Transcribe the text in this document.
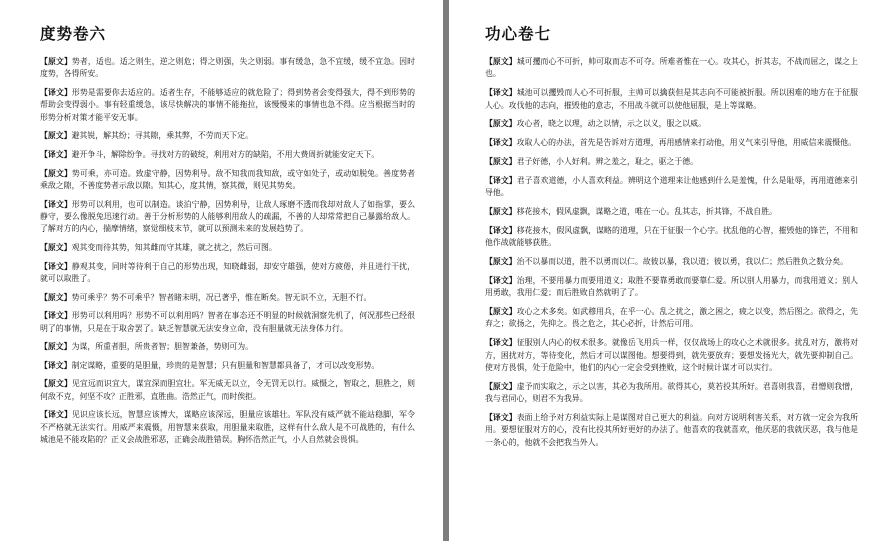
度势卷六

【原文】势者，适也。适之则生，逆之则危；得之则强，失之则弱。事有缓急，急不宜缓，缓不宜急。因时度势，各得所安。

【译文】形势是需要你去适应的。适者生存，不能够适应的就危险了；得到势者会变得强大，得不到形势的帮助会变得弱小。事有轻重缓急，该尽快解决的事情不能拖拉，该慢慢来的事情也急不得。应当根据当时的形势分析对策才能平安无事。

【原文】避其锐，解其纷；寻其隙，乘其弊，不劳而天下定。

【译文】避开争斗，解除纷争。寻找对方的破绽，利用对方的缺陷，不用大费周折就能安定天下。

【原文】势可乘，亦可造。致虚守静，因势利导。敌不知我而我知敌，或守如处子，或动如脱兔。善度势者乘敌之隙，不善度势者示敌以隙。知其心，度其情，察其微，则见其势矣。

【译文】形势可以利用，也可以制造。谈泊宁静，因势利导，让敌人琢磨不透而我却对敌人了如指掌，要么静守，要么像脱兔迅速行动。善于分析形势的人能够利用敌人的疏漏，不善的人却常常把自己暴露给敌人。了解对方的内心，揣摩情绪，察觉细枝末节，就可以预测未来的发展趋势了。

【原文】观其变而待其势，知其雌而守其雄，就之扰之，然后可图。

【译文】静观其变，同时等待利于自己的形势出现，知晓雌弱，却安守雄强，使对方疲倦，并且进行干扰，就可以取胜了。

【原文】势可乘乎？势不可乘乎？智者睹未明，况已著乎，惟在断矣。智无识不立，无胆不行。

【译文】形势可以利用吗？形势不可以利用吗？智者在事态还不明显的时候就洞察先机了，何况那些已经很明了的事情，只是在于取舍罢了。缺乏智慧就无法安身立命，没有胆量就无法身体力行。

【原文】为谋，所重者胆，所贵者智；胆智兼备，势则可为。

【译文】制定谋略，重要的是胆量，珍贵的是智慧；只有胆量和智慧都具备了，才可以改变形势。

【原文】见宜远而识宜大，谋宜深而胆宜壮。军无威无以立，令无罚无以行。威慑之，智取之，胆胜之，则何敌不克，何坚不攻？正胜邪，直胜曲。浩然正气，而时俟拒。

【译文】见识应该长远，智慧应该博大，谋略应该深远，胆量应该雄壮。军队没有威严就不能站稳脚，军令不严格就无法实行。用威严来震慑，用智慧来获取，用胆量来取胜，这样有什么敌人是不可战胜的，有什么城池是不能攻陷的？正义会战胜邪恶，正确会战胜错误。胸怀浩然正气，小人自然就会畏惧。

功心卷七

【原文】城可攫而心不可折，帅可取而志不可夺。所难者惟在一心。攻其心，折其志，不战而屈之，谋之上也。

【译文】城池可以攫毁而人心不可折服，主帅可以擒获但是其志向不可能被折服。所以困难的地方在于征服人心。攻伐他的志向，摧毁他的意志，不用战斗就可以使他屈服，是上等谋略。

【原文】攻心者，晓之以理，动之以情，示之以义，服之以威。

【译文】攻取人心的办法，首先是告诉对方道理，再用感情来打动他，用义气来引导他，用威信来震慑他。

【原文】君子好德，小人好利。辨之羞之，耻之，驱之于德。

【译文】君子喜欢道德，小人喜欢利益。辨明这个道理来让他感到什么是羞愧，什么是耻辱，再用道德来引导他。

【原文】移花接木，假风虚飘，谋略之道，唯在一心。乱其志，折其锋，不战自胜。

【译文】移花接木，假风虚飘，谋略的道理，只在于征服一个心字。扰乱他的心智，摧毁他的锋芒，不用和他作战就能够获胜。

【原文】治不以暴而以道，胜不以勇而以仁。故彼以暴，我以道；彼以勇，我以仁；然后胜负之数分矣。

【译文】治理，不要用暴力而要用道义；取胜不要靠勇敢而要靠仁爱。所以别人用暴力，而我用道义；别人用勇敢，我用仁爱；而后胜败自然就明了了。

【原文】攻心之术多矣。如武穆用兵，在乎一心。乱之扰之，激之困之，疲之以变，然后图之。欲得之，先弃之；欲扬之，先抑之。畏之危之，其心必折，计然后可用。

【译文】征服别人内心的权术很多。就像岳飞用兵一样，仅仅战场上的攻心之术就很多。扰乱对方，激将对方，困扰对方，等待变化，然后才可以谋图他。想要得到，就先要放弃；要想发扬光大，就先要抑制自己。使对方畏惧，处于危险中，他们的内心一定会受到挫败，这个时候计谋才可以实行。

【原文】虚予而实取之，示之以害，其必为我所用。欲得其心，莫若投其所好。君喜则我喜，君憎则我憎，我与君同心，则君不为我异。

【译文】表面上给予对方利益实际上是谋图对自己更大的利益。向对方说明利害关系，对方就一定会为我所用。要想征服对方的心，没有比投其所好更好的办法了。他喜欢的我就喜欢，他厌恶的我就厌恶，我与他是一条心的，他就不会把我当外人。
